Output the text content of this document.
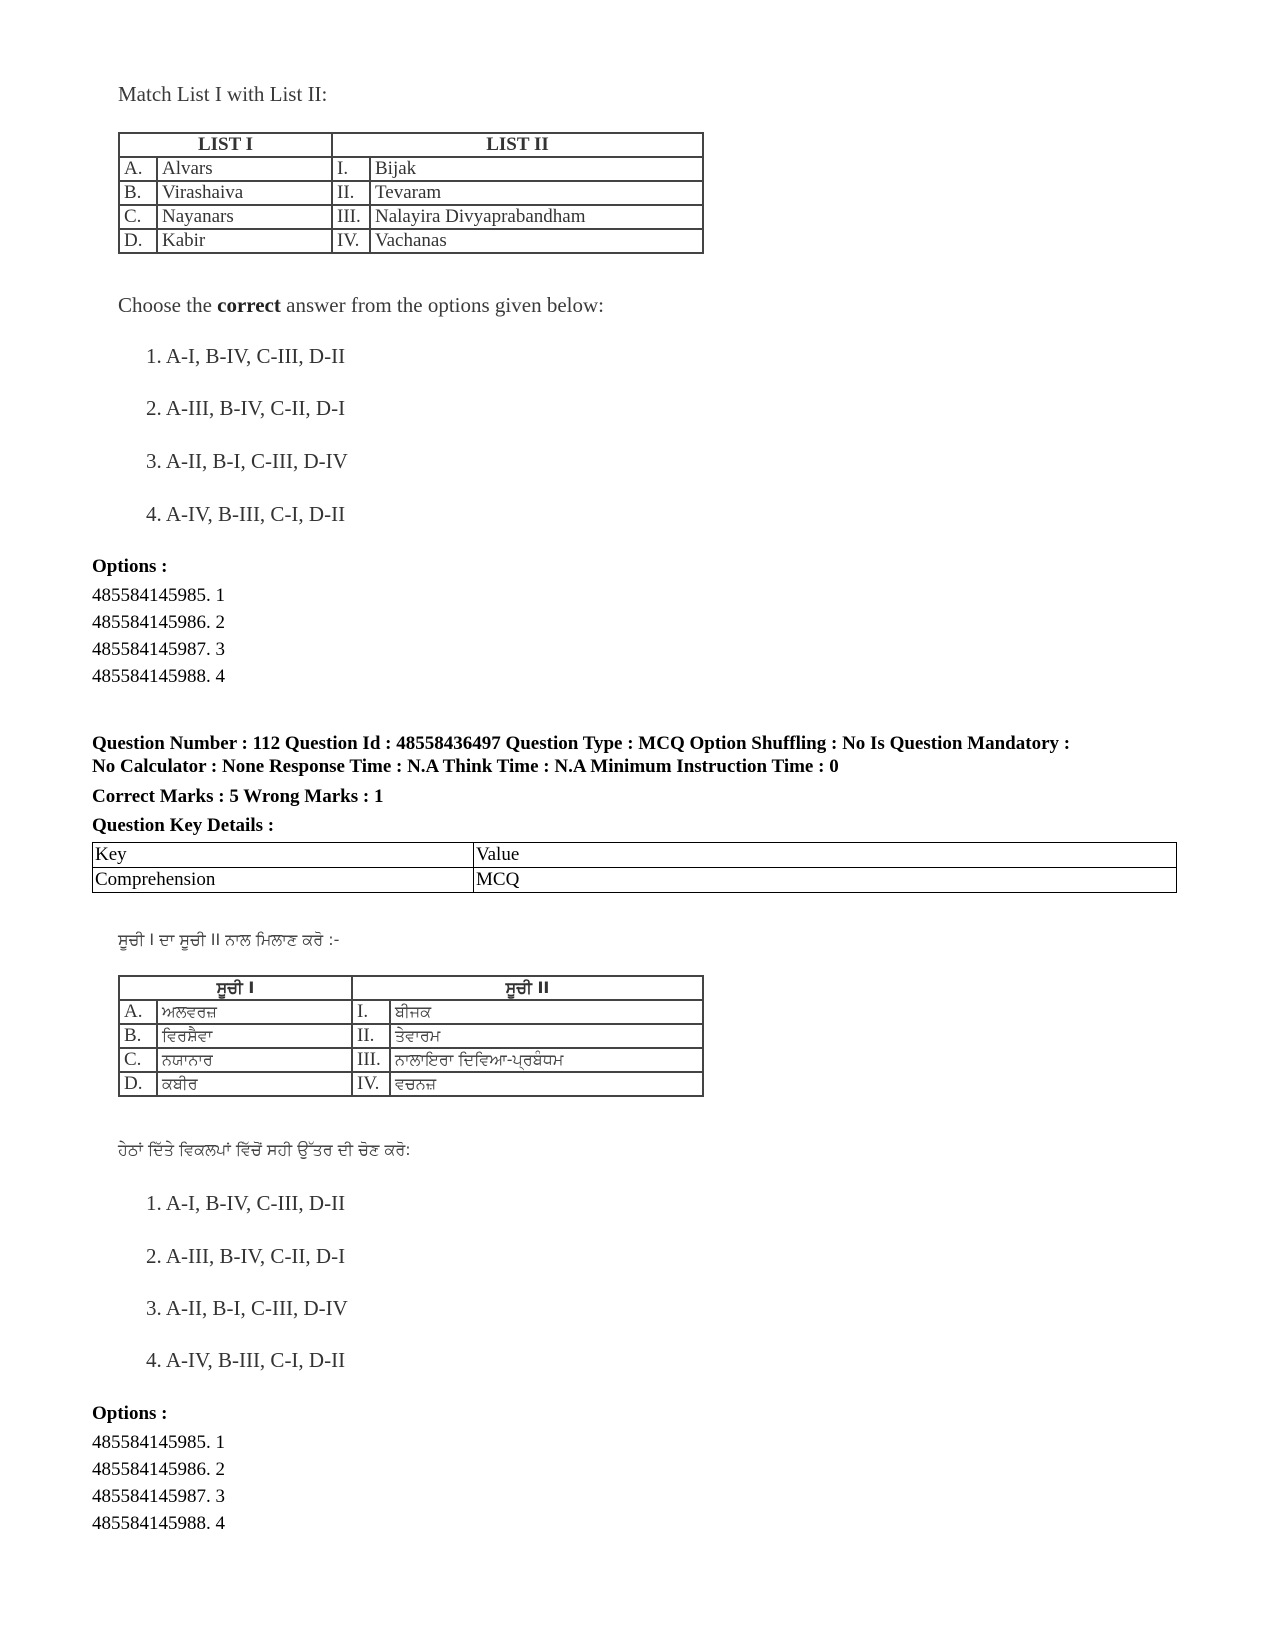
Match List I with List II:
LIST I		LIST II	
A.	Alvars	I.	Bijak
B.	Virashaiva	II.	Tevaram
C.	Nayanars	III.	Nalayira Divyaprabandham
D.	Kabir	IV.	Vachanas
Choose the correct answer from the options given below:
1. A-I, B-IV, C-III, D-II
2. A-III, B-IV, C-II, D-I
3. A-II, B-I, C-III, D-IV
4. A-IV, B-III, C-I, D-II
Options :
485584145985. 1
485584145986. 2
485584145987. 3
485584145988. 4
Question Number : 112 Question Id : 48558436497 Question Type : MCQ Option Shuffling : No Is Question Mandatory :
No Calculator : None Response Time : N.A Think Time : N.A Minimum Instruction Time : 0
Correct Marks : 5 Wrong Marks : 1
Question Key Details :
Key	Value
Comprehension	MCQ
ਸੂਚੀ I ਦਾ ਸੂਚੀ II ਨਾਲ ਮਿਲਾਣ ਕਰੋ :-
ਸੂਚੀ I		ਸੂਚੀ II	
A.	ਅਲਵਰਜ਼	I.	ਬੀਜਕ
B.	ਵਿਰਸ਼ੈਵਾ	II.	ਤੇਵਾਰਮ
C.	ਨਯਾਨਾਰ	III.	ਨਾਲਾਇਰਾ ਦਿਵਿਆ-ਪ੍ਰਬੰਧਮ
D.	ਕਬੀਰ	IV.	ਵਚਨਜ਼
ਹੇਠਾਂ ਦਿੱਤੇ ਵਿਕਲਪਾਂ ਵਿੱਚੋਂ ਸਹੀ ਉੱਤਰ ਦੀ ਚੋਣ ਕਰੋ:
1. A-I, B-IV, C-III, D-II
2. A-III, B-IV, C-II, D-I
3. A-II, B-I, C-III, D-IV
4. A-IV, B-III, C-I, D-II
Options :
485584145985. 1
485584145986. 2
485584145987. 3
485584145988. 4
